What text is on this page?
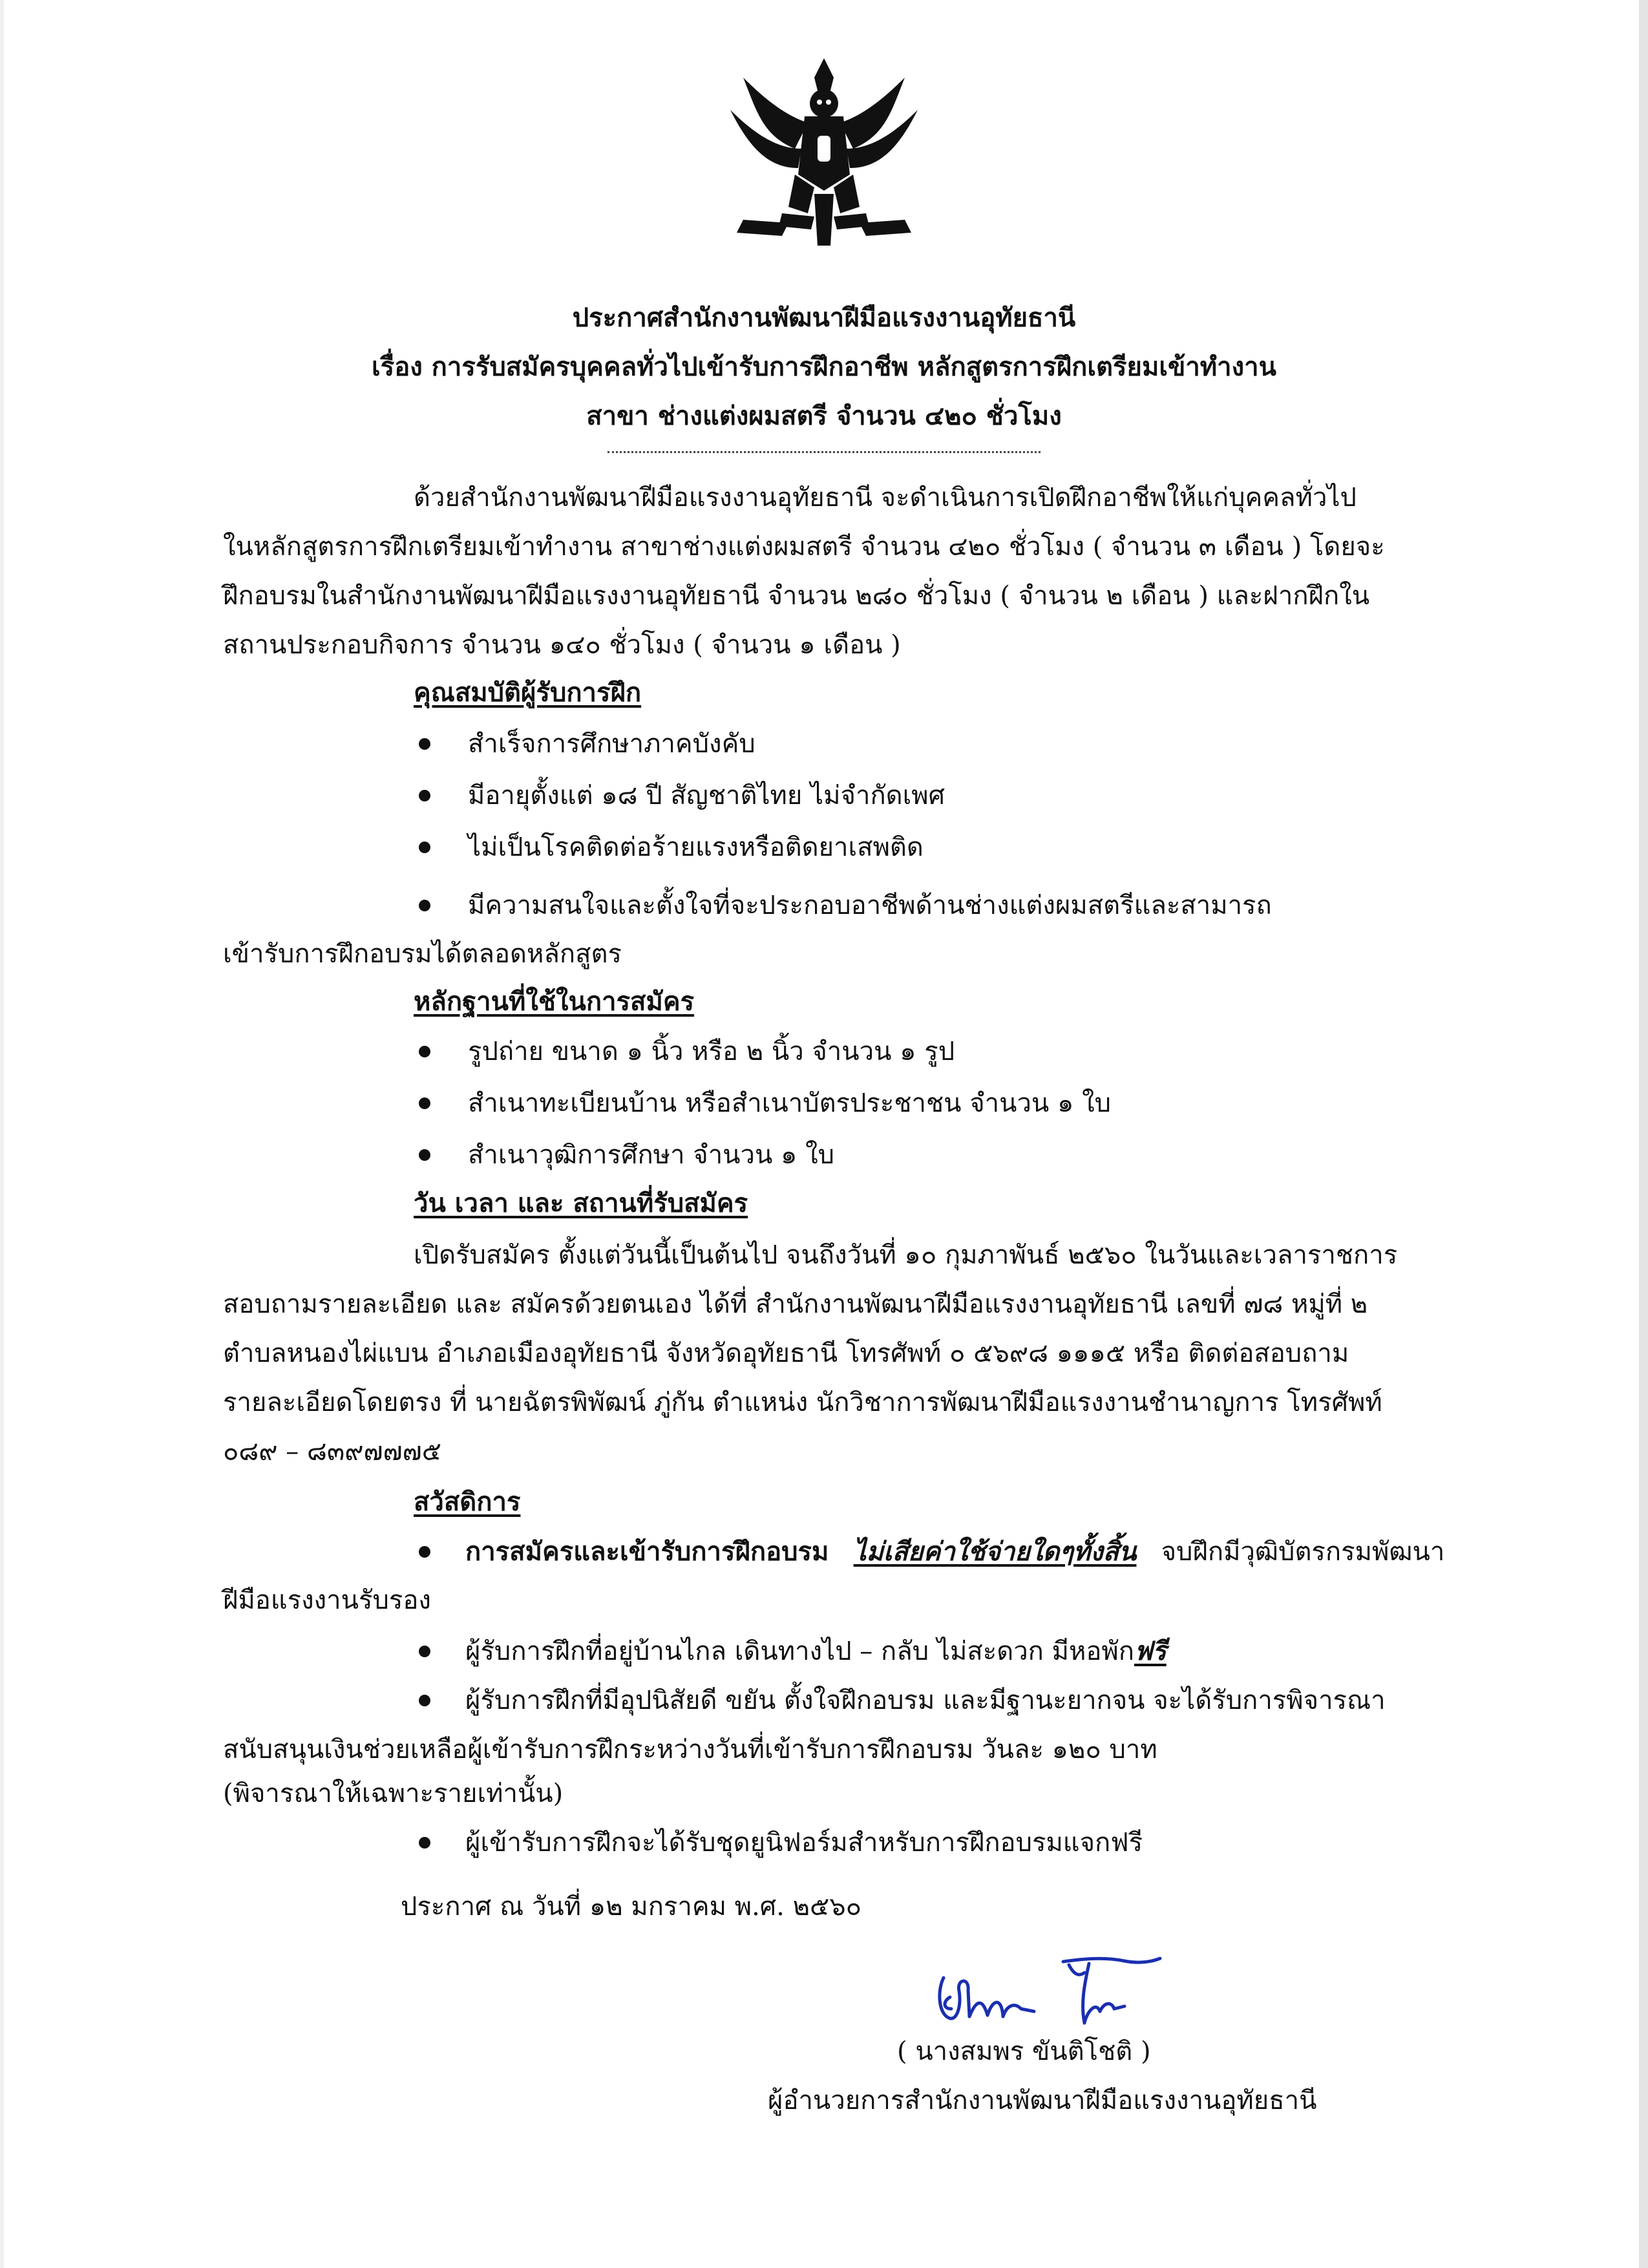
ประกาศสำนักงานพัฒนาฝีมือแรงงานอุทัยธานี
เรื่อง การรับสมัครบุคคลทั่วไปเข้ารับการฝึกอาชีพ หลักสูตรการฝึกเตรียมเข้าทำงาน
สาขา ช่างแต่งผมสตรี จำนวน ๔๒๐ ชั่วโมง
ด้วยสำนักงานพัฒนาฝีมือแรงงานอุทัยธานี จะดำเนินการเปิดฝึกอาชีพให้แก่บุคคลทั่วไป
ในหลักสูตรการฝึกเตรียมเข้าทำงาน สาขาช่างแต่งผมสตรี จำนวน ๔๒๐ ชั่วโมง ( จำนวน ๓ เดือน ) โดยจะ
ฝึกอบรมในสำนักงานพัฒนาฝีมือแรงงานอุทัยธานี จำนวน ๒๘๐ ชั่วโมง ( จำนวน ๒ เดือน ) และฝากฝึกใน
สถานประกอบกิจการ จำนวน ๑๔๐ ชั่วโมง ( จำนวน ๑ เดือน )
คุณสมบัติผู้รับการฝึก
สำเร็จการศึกษาภาคบังคับ
มีอายุตั้งแต่ ๑๘ ปี สัญชาติไทย ไม่จำกัดเพศ
ไม่เป็นโรคติดต่อร้ายแรงหรือติดยาเสพติด
มีความสนใจและตั้งใจที่จะประกอบอาชีพด้านช่างแต่งผมสตรีและสามารถ
เข้ารับการฝึกอบรมได้ตลอดหลักสูตร
หลักฐานที่ใช้ในการสมัคร
รูปถ่าย ขนาด ๑ นิ้ว หรือ ๒ นิ้ว จำนวน ๑ รูป
สำเนาทะเบียนบ้าน หรือสำเนาบัตรประชาชน จำนวน ๑ ใบ
สำเนาวุฒิการศึกษา จำนวน ๑ ใบ
วัน เวลา และ สถานที่รับสมัคร
เปิดรับสมัคร ตั้งแต่วันนี้เป็นต้นไป จนถึงวันที่ ๑๐ กุมภาพันธ์ ๒๕๖๐ ในวันและเวลาราชการ
สอบถามรายละเอียด และ สมัครด้วยตนเอง ได้ที่ สำนักงานพัฒนาฝีมือแรงงานอุทัยธานี เลขที่ ๗๘ หมู่ที่ ๒
ตำบลหนองไผ่แบน อำเภอเมืองอุทัยธานี จังหวัดอุทัยธานี โทรศัพท์ ๐ ๕๖๙๘ ๑๑๑๕ หรือ ติดต่อสอบถาม
รายละเอียดโดยตรง ที่ นายฉัตรพิพัฒน์ ภู่กัน ตำแหน่ง นักวิชาการพัฒนาฝีมือแรงงานชำนาญการ โทรศัพท์
๐๘๙ – ๘๓๙๗๗๗๕
สวัสดิการ
การสมัครและเข้ารับการฝึกอบรม ไม่เสียค่าใช้จ่ายใดๆทั้งสิ้น จบฝึกมีวุฒิบัตรกรมพัฒนา
ฝีมือแรงงานรับรอง
ผู้รับการฝึกที่อยู่บ้านไกล เดินทางไป – กลับ ไม่สะดวก มีหอพักฟรี
ผู้รับการฝึกที่มีอุปนิสัยดี ขยัน ตั้งใจฝึกอบรม และมีฐานะยากจน จะได้รับการพิจารณา
สนับสนุนเงินช่วยเหลือผู้เข้ารับการฝึกระหว่างวันที่เข้ารับการฝึกอบรม วันละ ๑๒๐ บาท
(พิจารณาให้เฉพาะรายเท่านั้น)
ผู้เข้ารับการฝึกจะได้รับชุดยูนิฟอร์มสำหรับการฝึกอบรมแจกฟรี
ประกาศ ณ วันที่ ๑๒ มกราคม พ.ศ. ๒๕๖๐
( นางสมพร ขันติโชติ )
ผู้อำนวยการสำนักงานพัฒนาฝีมือแรงงานอุทัยธานี
